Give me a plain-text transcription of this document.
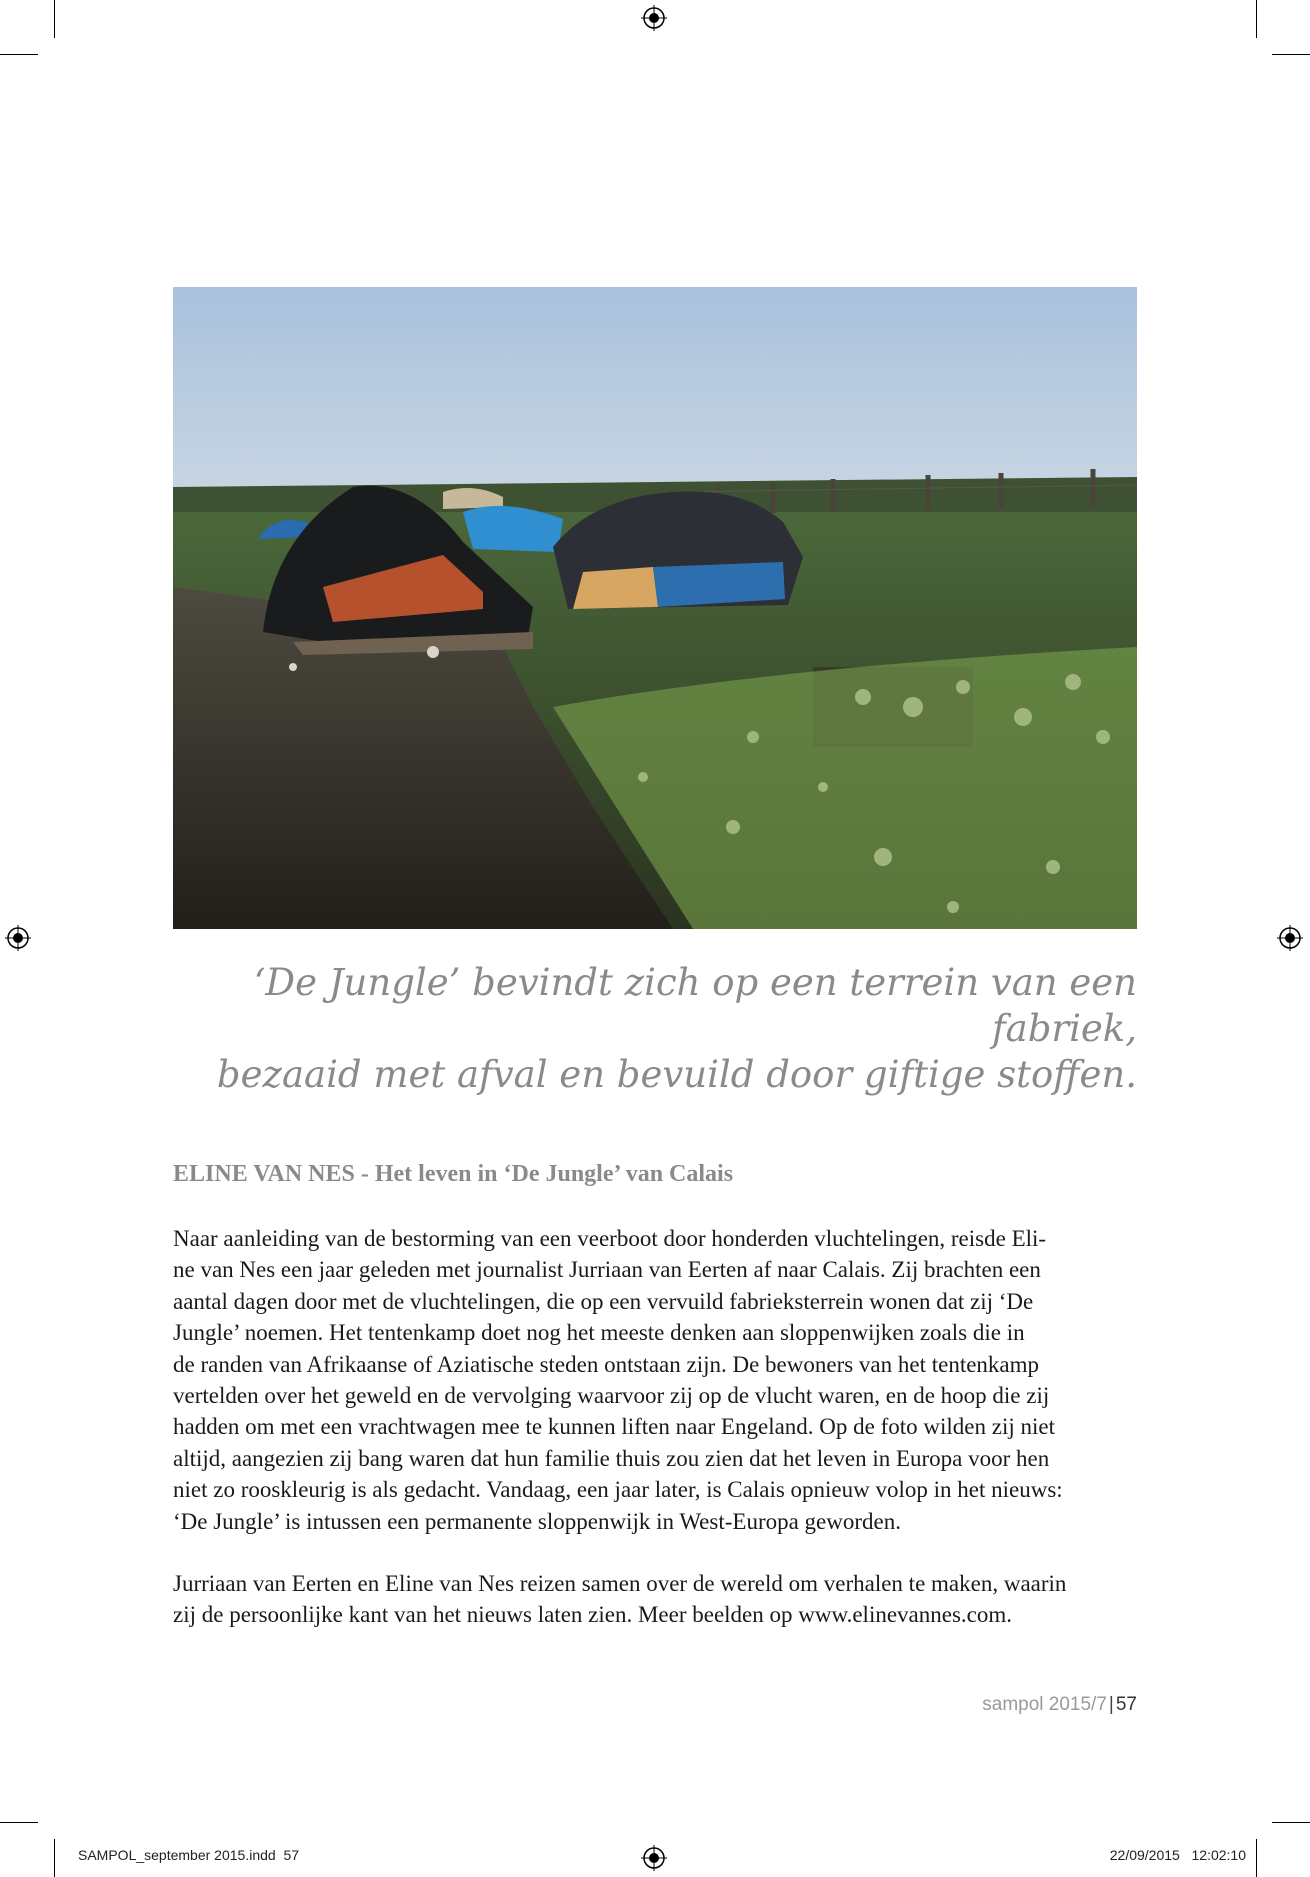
‘De Jungle’ bevindt zich op een terrein van een fabriek,
bezaaid met afval en bevuild door giftige stoffen.
ELINE VAN NES - Het leven in ‘De Jungle’ van Calais
Naar aanleiding van de bestorming van een veerboot door honderden vluchtelingen, reisde Eli-
ne van Nes een jaar geleden met journalist Jurriaan van Eerten af naar Calais. Zij brachten een
aantal dagen door met de vluchtelingen, die op een vervuild fabrieksterrein wonen dat zij ‘De
Jungle’ noemen. Het tentenkamp doet nog het meeste denken aan sloppenwijken zoals die in
de randen van Afrikaanse of Aziatische steden ontstaan zijn. De bewoners van het tentenkamp
vertelden over het geweld en de vervolging waarvoor zij op de vlucht waren, en de hoop die zij
hadden om met een vrachtwagen mee te kunnen liften naar Engeland. Op de foto wilden zij niet
altijd, aangezien zij bang waren dat hun familie thuis zou zien dat het leven in Europa voor hen
niet zo rooskleurig is als gedacht. Vandaag, een jaar later, is Calais opnieuw volop in het nieuws:
‘De Jungle’ is intussen een permanente sloppenwijk in West-Europa geworden.
Jurriaan van Eerten en Eline van Nes reizen samen over de wereld om verhalen te maken, waarin
zij de persoonlijke kant van het nieuws laten zien. Meer beelden op www.elinevannes.com.
sampol 2015/7 | 57
SAMPOL_september 2015.indd 57	22/09/2015 12:02:10
